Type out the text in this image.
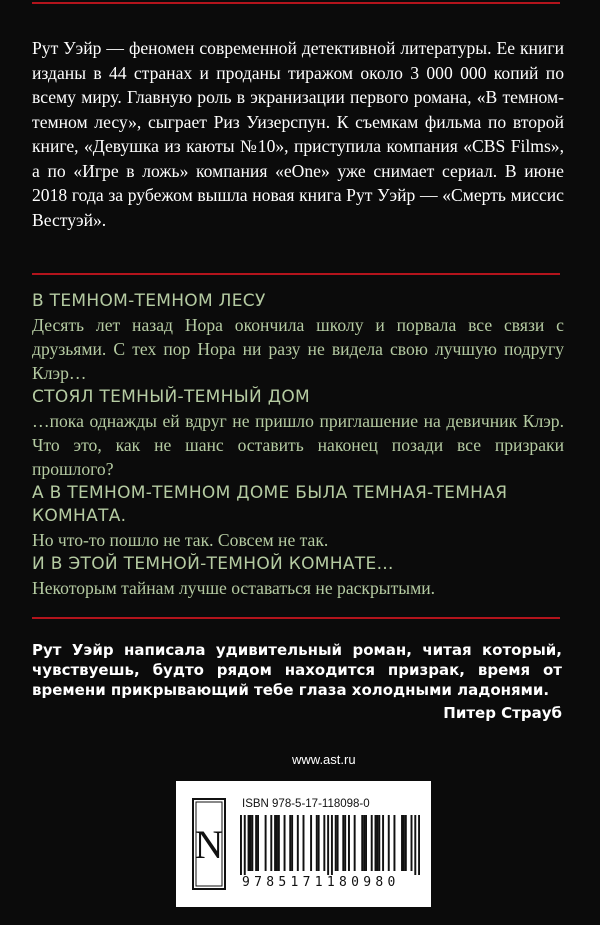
Рут Уэйр — феномен современной детективной литературы. Ее книги изданы в 44 странах и проданы тиражом около 3 000 000 копий по всему миру. Главную роль в экранизации первого романа, «В темном-темном лесу», сыграет Риз Уизерспун. К съемкам фильма по второй книге, «Девушка из каюты №10», приступила компания «CBS Films», а по «Игре в ложь» компания «eOne» уже снимает сериал. В июне 2018 года за рубежом вышла новая книга Рут Уэйр — «Смерть миссис Вестуэй».

В ТЕМНОМ-ТЕМНОМ ЛЕСУ

Десять лет назад Нора окончила школу и порвала все связи с друзьями. С тех пор Нора ни разу не видела свою лучшую подругу Клэр…

СТОЯЛ ТЕМНЫЙ-ТЕМНЫЙ ДОМ

…пока однажды ей вдруг не пришло приглашение на девичник Клэр. Что это, как не шанс оставить наконец позади все призраки прошлого?

А В ТЕМНОМ-ТЕМНОМ ДОМЕ БЫЛА ТЕМНАЯ-ТЕМНАЯ КОМНАТА.

Но что-то пошло не так. Совсем не так.

И В ЭТОЙ ТЕМНОЙ-ТЕМНОЙ КОМНАТЕ…

Некоторым тайнам лучше оставаться не раскрытыми.

Рут Уэйр написала удивительный роман, читая который, чувствуешь, будто рядом находится призрак, время от времени прикрывающий тебе глаза холодными ладонями.

Питер Страуб
www.ast.ru
N
ISBN 978-5-17-118098-0
9785171180980
